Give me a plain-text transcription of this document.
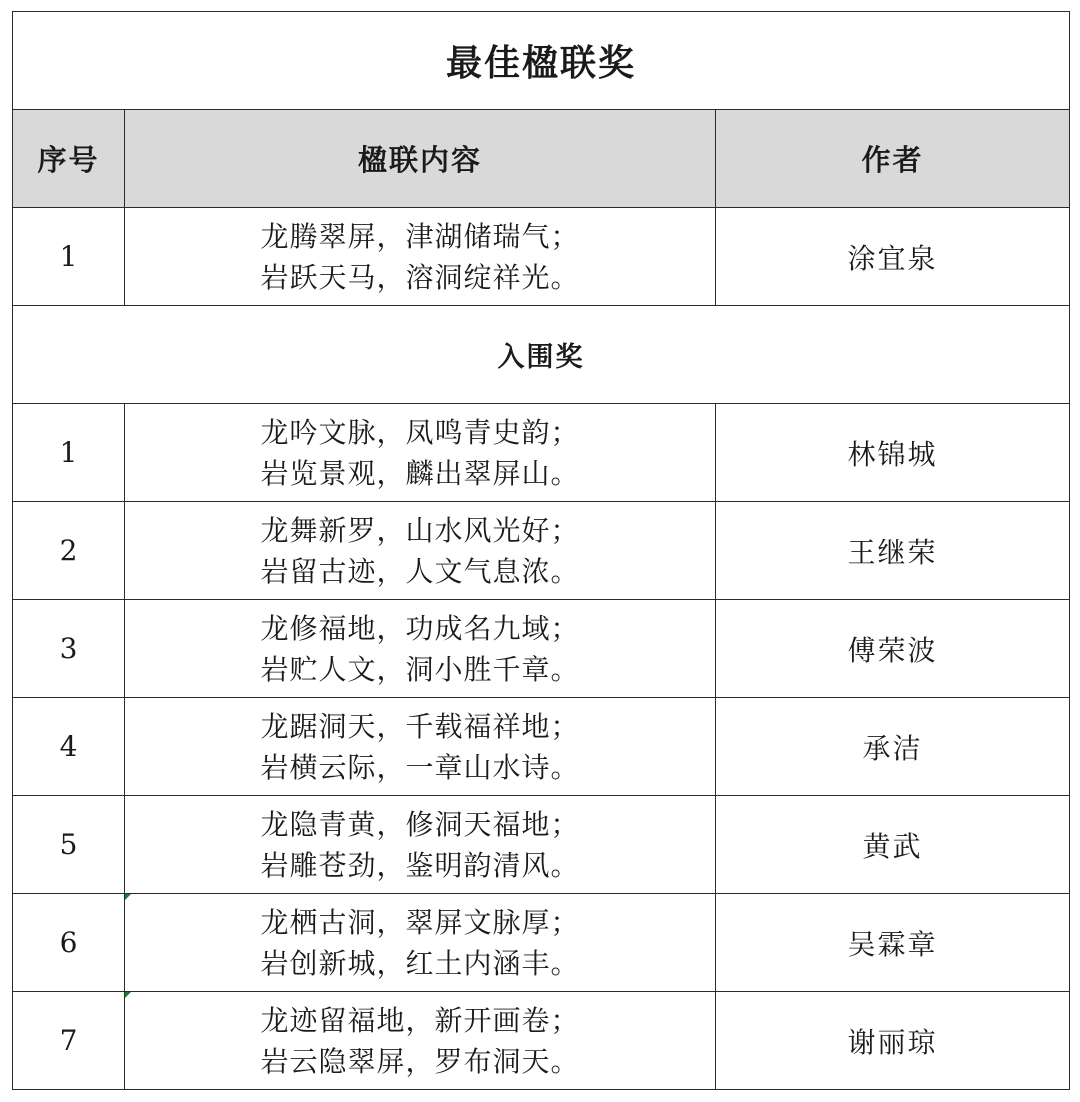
最佳楹联奖		
序号	楹联内容	作者
1	龙腾翠屏，津湖储瑞气；
岩跃天马，溶洞绽祥光。	涂宜泉
入围奖		
1	龙吟文脉，凤鸣青史韵；
岩览景观，麟出翠屏山。	林锦城
2	龙舞新罗，山水风光好；
岩留古迹，人文气息浓。	王继荣
3	龙修福地，功成名九域；
岩贮人文，洞小胜千章。	傅荣波
4	龙踞洞天，千载福祥地；
岩横云际，一章山水诗。	承洁
5	龙隐青黄，修洞天福地；
岩雕苍劲，鉴明韵清风。	黄武
6	龙栖古洞，翠屏文脉厚；
岩创新城，红土内涵丰。	吴霖章
7	龙迹留福地，新开画卷；
岩云隐翠屏，罗布洞天。	谢丽琼
